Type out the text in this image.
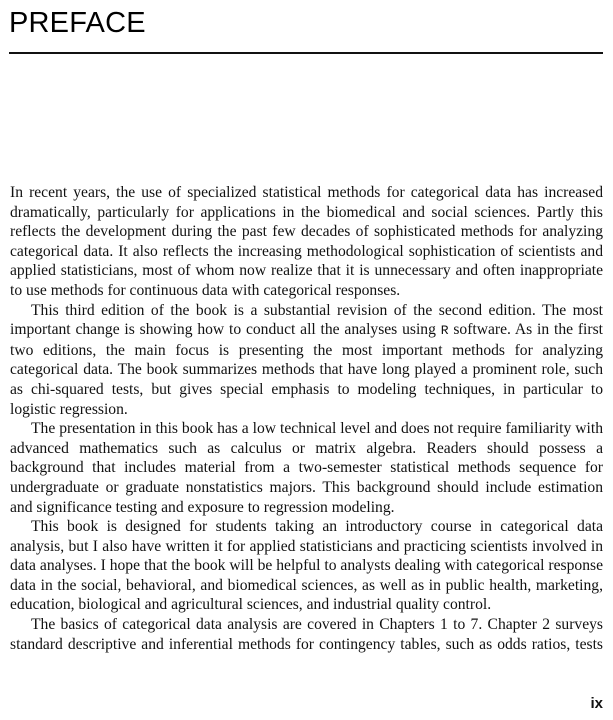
PREFACE

In recent years, the use of specialized statistical methods for categorical data has increased dramatically, particularly for applications in the biomedical and social sciences. Partly this reflects the development during the past few decades of sophisticated methods for analyzing categorical data. It also reflects the increasing methodological sophistication of scientists and applied statisticians, most of whom now realize that it is unnecessary and often inappropriate to use methods for continuous data with categorical responses.

This third edition of the book is a substantial revision of the second edition. The most important change is showing how to conduct all the analyses using R software. As in the first two editions, the main focus is presenting the most important methods for analyzing categorical data. The book summarizes methods that have long played a prominent role, such as chi-squared tests, but gives special emphasis to modeling techniques, in particular to logistic regression.

The presentation in this book has a low technical level and does not require familiarity with advanced mathematics such as calculus or matrix algebra. Readers should possess a background that includes material from a two-semester statistical methods sequence for undergraduate or graduate nonstatistics majors. This background should include estimation and significance testing and exposure to regression modeling.

This book is designed for students taking an introductory course in categorical data analysis, but I also have written it for applied statisticians and practicing scientists involved in data analyses. I hope that the book will be helpful to analysts dealing with categorical response data in the social, behavioral, and biomedical sciences, as well as in public health, marketing, education, biological and agricultural sciences, and industrial quality control.

The basics of categorical data analysis are covered in Chapters 1 to 7. Chapter 2 surveys standard descriptive and inferential methods for contingency tables, such as odds ratios, tests

ix
